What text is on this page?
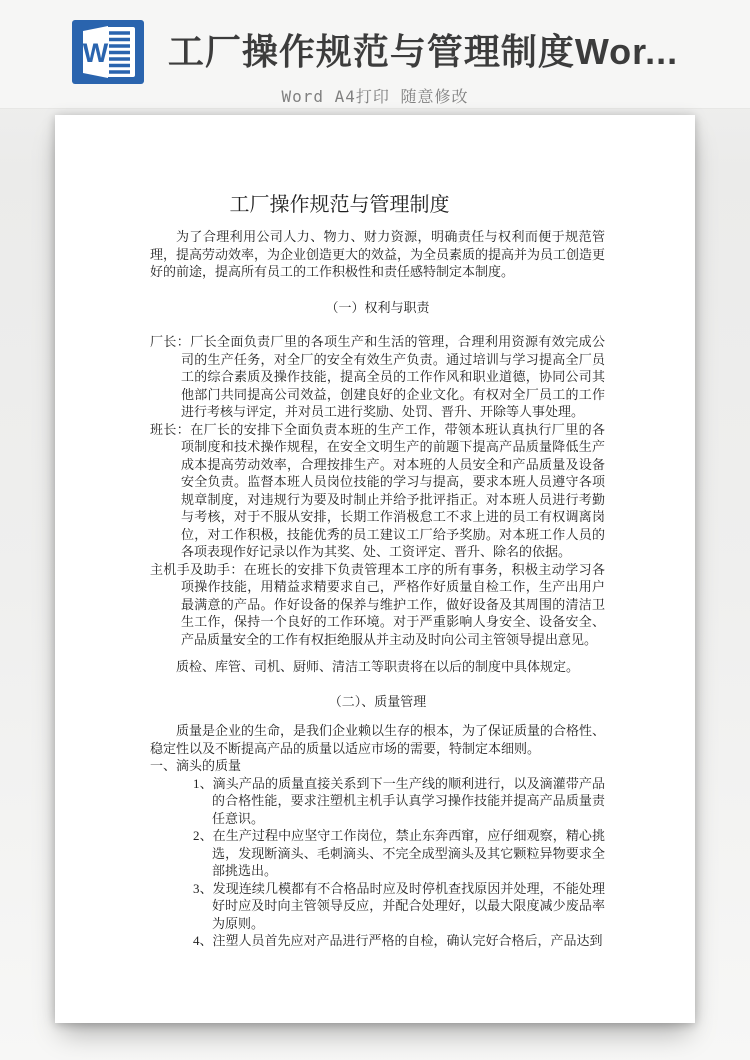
W 工厂操作规范与管理制度Wor...
Word A4打印 随意修改
工厂操作规范与管理制度

为了合理利用公司人力、物力、财力资源，明确责任与权利而便于规范管理，提高劳动效率，为企业创造更大的效益，为全员素质的提高并为员工创造更好的前途，提高所有员工的工作积极性和责任感特制定本制度。

（一）权利与职责

厂长：厂长全面负责厂里的各项生产和生活的管理，合理利用资源有效完成公司的生产任务，对全厂的安全有效生产负责。通过培训与学习提高全厂员工的综合素质及操作技能，提高全员的工作作风和职业道德，协同公司其他部门共同提高公司效益，创建良好的企业文化。有权对全厂员工的工作进行考核与评定，并对员工进行奖励、处罚、晋升、开除等人事处理。

班长：在厂长的安排下全面负责本班的生产工作，带领本班认真执行厂里的各项制度和技术操作规程，在安全文明生产的前题下提高产品质量降低生产成本提高劳动效率，合理按排生产。对本班的人员安全和产品质量及设备安全负责。监督本班人员岗位技能的学习与提高，要求本班人员遵守各项规章制度，对违规行为要及时制止并给予批评指正。对本班人员进行考勤与考核，对于不服从安排，长期工作消极怠工不求上进的员工有权调离岗位，对工作积极，技能优秀的员工建议工厂给予奖励。对本班工作人员的各项表现作好记录以作为其奖、处、工资评定、晋升、除名的依据。

主机手及助手：在班长的安排下负责管理本工序的所有事务，积极主动学习各项操作技能，用精益求精要求自己，严格作好质量自检工作，生产出用户最满意的产品。作好设备的保养与维护工作，做好设备及其周围的清洁卫生工作，保持一个良好的工作环境。对于严重影响人身安全、设备安全、产品质量安全的工作有权拒绝服从并主动及时向公司主管领导提出意见。

质检、库管、司机、厨师、清洁工等职责将在以后的制度中具体规定。

（二）、质量管理

质量是企业的生命，是我们企业赖以生存的根本，为了保证质量的合格性、稳定性以及不断提高产品的质量以适应市场的需要，特制定本细则。

一、滴头的质量

1、滴头产品的质量直接关系到下一生产线的顺利进行，以及滴灌带产品的合格性能，要求注塑机主机手认真学习操作技能并提高产品质量责任意识。

2、在生产过程中应坚守工作岗位，禁止东奔西窜，应仔细观察，精心挑选，发现断滴头、毛刺滴头、不完全成型滴头及其它颗粒异物要求全部挑选出。

3、发现连续几模都有不合格品时应及时停机查找原因并处理，不能处理好时应及时向主管领导反应，并配合处理好，以最大限度减少废品率为原则。

4、注塑人员首先应对产品进行严格的自检，确认完好合格后，产品达到
